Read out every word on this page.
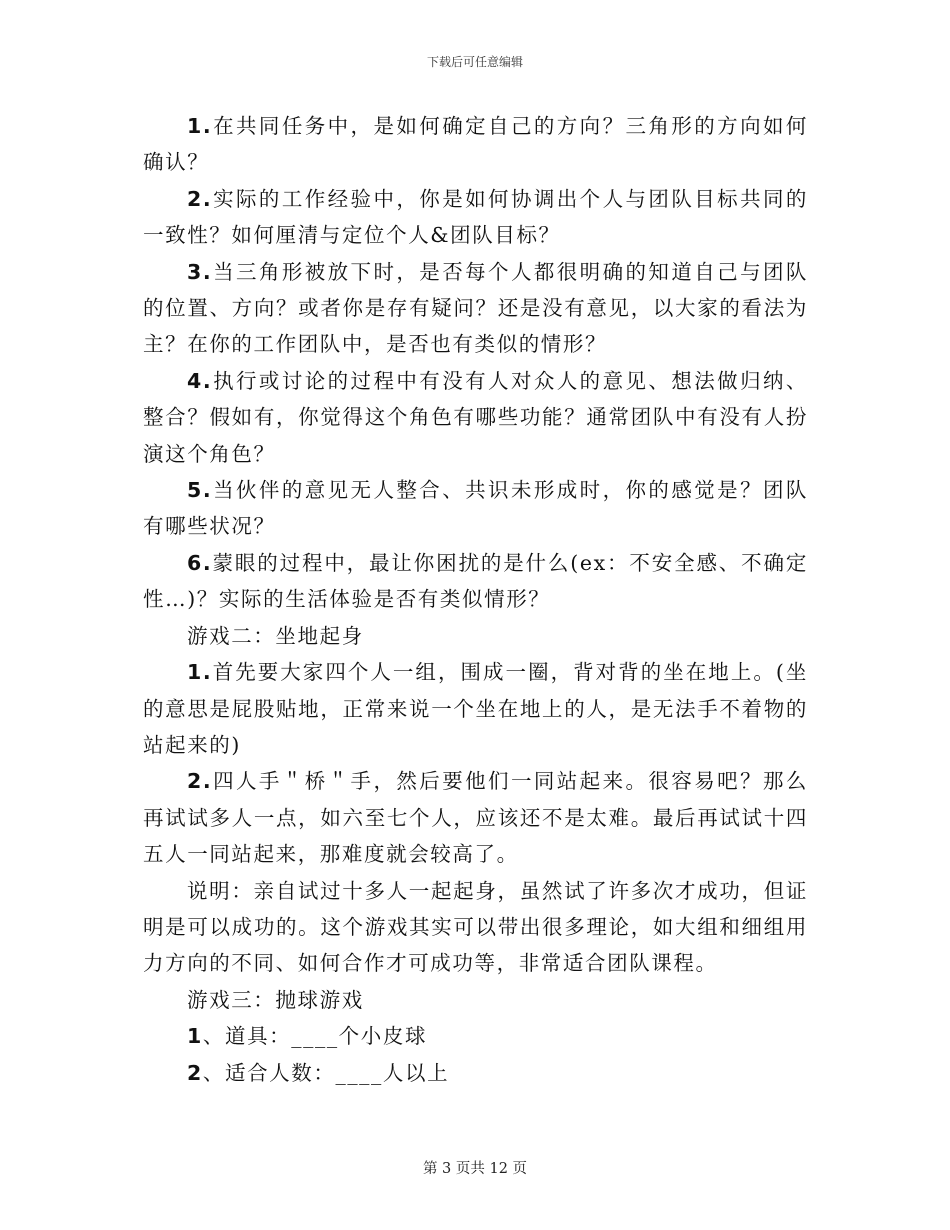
下载后可任意编辑

1.在共同任务中，是如何确定自己的方向？三角形的方向如何确认？

2.实际的工作经验中，你是如何协调出个人与团队目标共同的一致性？如何厘清与定位个人&团队目标？

3.当三角形被放下时，是否每个人都很明确的知道自己与团队的位置、方向？或者你是存有疑问？还是没有意见，以大家的看法为主？在你的工作团队中，是否也有类似的情形？

4.执行或讨论的过程中有没有人对众人的意见、想法做归纳、整合？假如有，你觉得这个角色有哪些功能？通常团队中有没有人扮演这个角色？

5.当伙伴的意见无人整合、共识未形成时，你的感觉是？团队有哪些状况？

6.蒙眼的过程中，最让你困扰的是什么(ex：不安全感、不确定性…)？实际的生活体验是否有类似情形？

游戏二：坐地起身

1.首先要大家四个人一组，围成一圈，背对背的坐在地上。(坐的意思是屁股贴地，正常来说一个坐在地上的人，是无法手不着物的站起来的)

2.四人手＂桥＂手，然后要他们一同站起来。很容易吧？那么再试试多人一点，如六至七个人，应该还不是太难。最后再试试十四五人一同站起来，那难度就会较高了。

说明：亲自试过十多人一起起身，虽然试了许多次才成功，但证明是可以成功的。这个游戏其实可以带出很多理论，如大组和细组用力方向的不同、如何合作才可成功等，非常适合团队课程。

游戏三：抛球游戏

1、道具：____个小皮球

2、适合人数：____人以上

第 3 页共 12 页
